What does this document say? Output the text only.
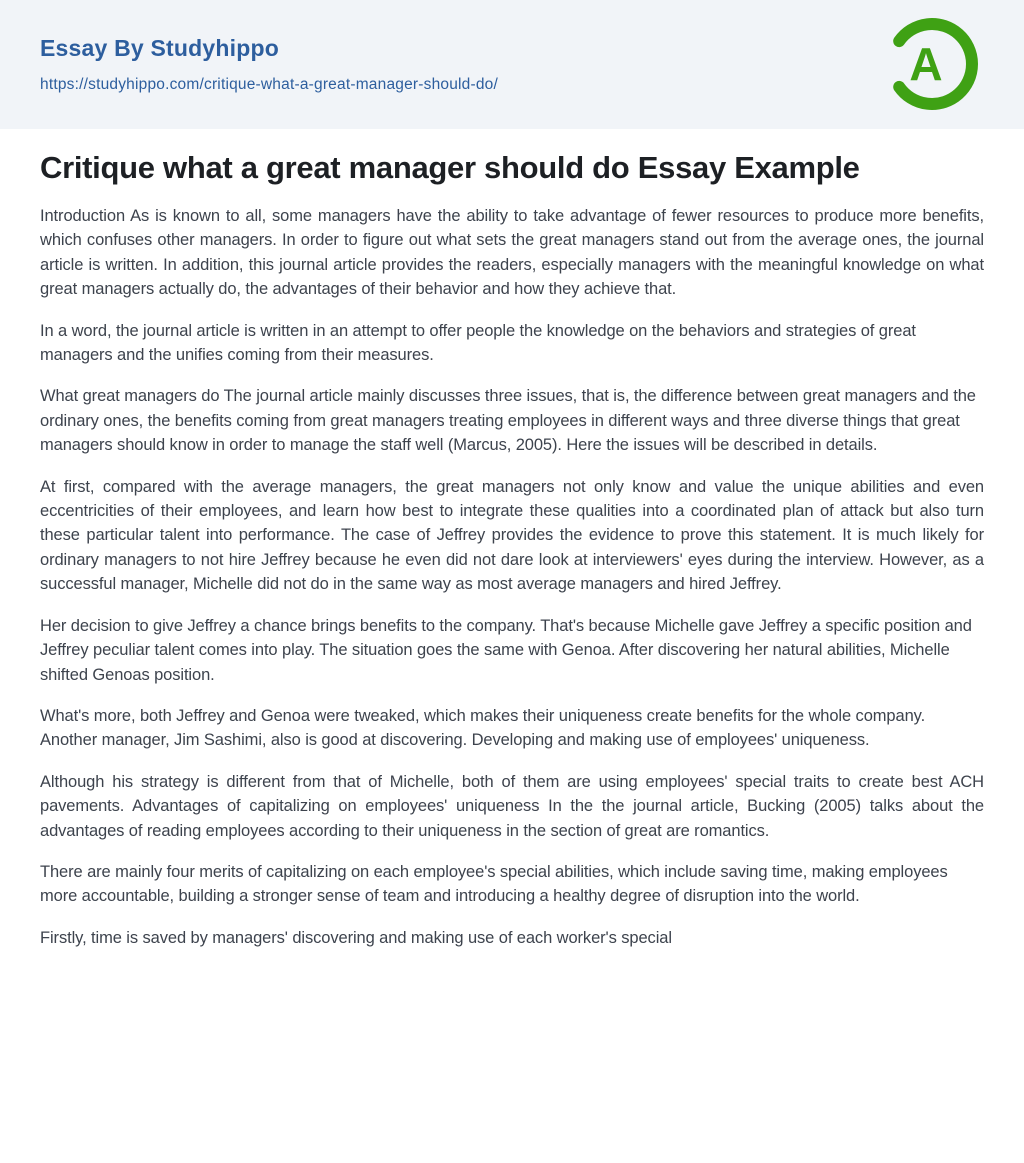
Essay By Studyhippo
https://studyhippo.com/critique-what-a-great-manager-should-do/	A
Critique what a great manager should do Essay Example

Introduction As is known to all, some managers have the ability to take advantage of fewer resources to produce more benefits, which confuses other managers. In order to figure out what sets the great managers stand out from the average ones, the journal article is written. In addition, this journal article provides the readers, especially managers with the meaningful knowledge on what great managers actually do, the advantages of their behavior and how they achieve that.

In a word, the journal article is written in an attempt to offer people the knowledge on the behaviors and strategies of great managers and the unifies coming from their measures.

What great managers do The journal article mainly discusses three issues, that is, the difference between great managers and the ordinary ones, the benefits coming from great managers treating employees in different ways and three diverse things that great managers should know in order to manage the staff well (Marcus, 2005). Here the issues will be described in details.

At first, compared with the average managers, the great managers not only know and value the unique abilities and even eccentricities of their employees, and learn how best to integrate these qualities into a coordinated plan of attack but also turn these particular talent into performance. The case of Jeffrey provides the evidence to prove this statement. It is much likely for ordinary managers to not hire Jeffrey because he even did not dare look at interviewers' eyes during the interview. However, as a successful manager, Michelle did not do in the same way as most average managers and hired Jeffrey.

Her decision to give Jeffrey a chance brings benefits to the company. That's because Michelle gave Jeffrey a specific position and Jeffrey peculiar talent comes into play. The situation goes the same with Genoa. After discovering her natural abilities, Michelle shifted Genoas position.

What's more, both Jeffrey and Genoa were tweaked, which makes their uniqueness create benefits for the whole company. Another manager, Jim Sashimi, also is good at discovering. Developing and making use of employees' uniqueness.

Although his strategy is different from that of Michelle, both of them are using employees' special traits to create best ACH pavements. Advantages of capitalizing on employees' uniqueness In the the journal article, Bucking (2005) talks about the advantages of reading employees according to their uniqueness in the section of great are romantics.

There are mainly four merits of capitalizing on each employee's special abilities, which include saving time, making employees more accountable, building a stronger sense of team and introducing a healthy degree of disruption into the world.

Firstly, time is saved by managers' discovering and making use of each worker's special
